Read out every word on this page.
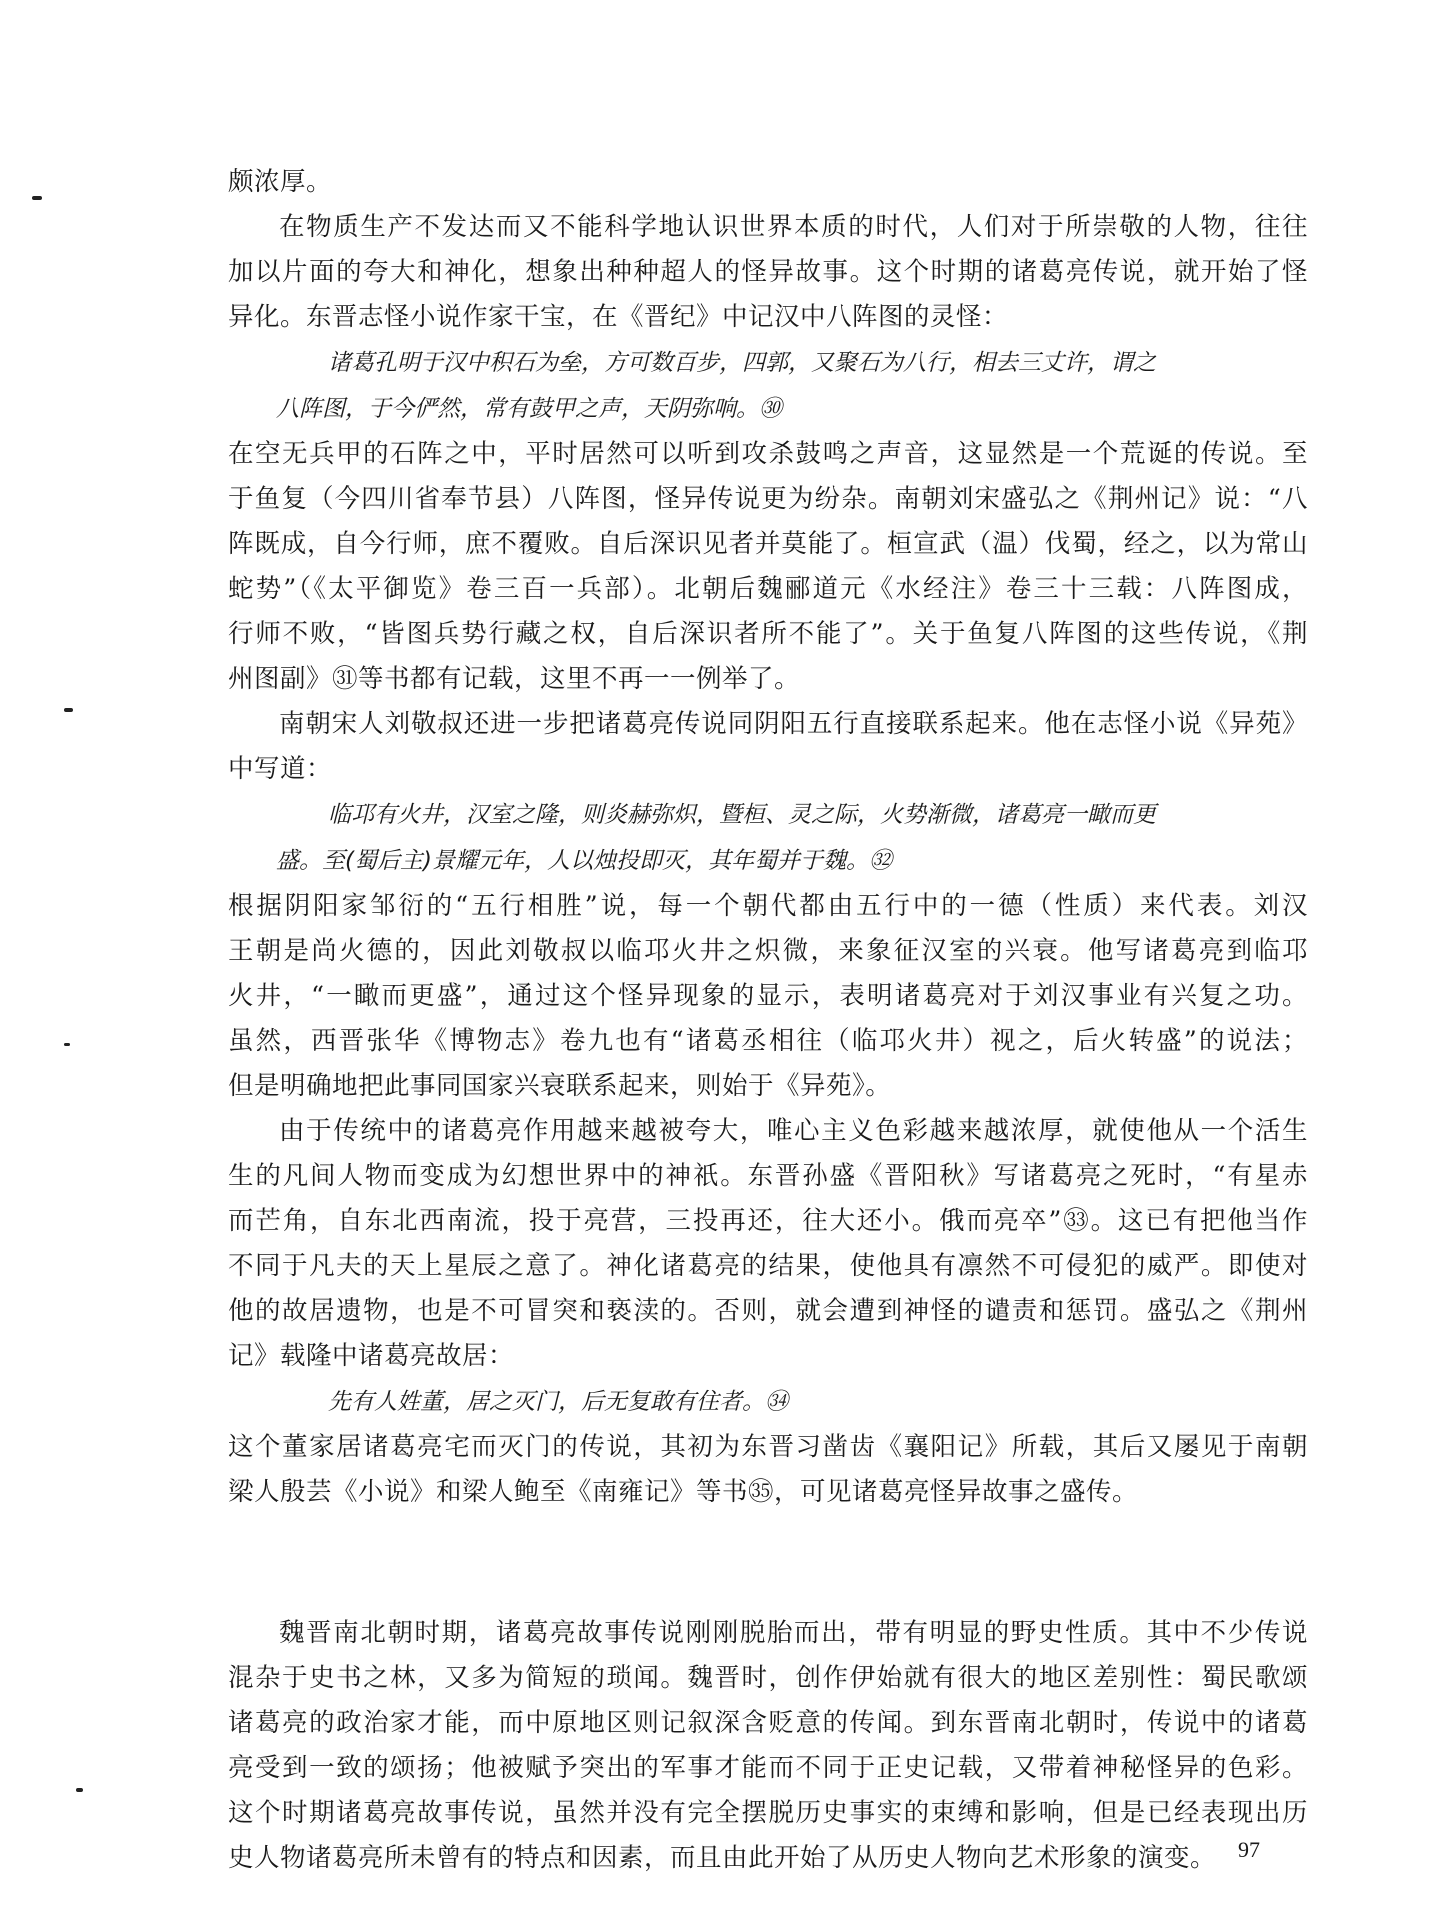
颇浓厚。
在物质生产不发达而又不能科学地认识世界本质的时代，人们对于所崇敬的人物，往往
加以片面的夸大和神化，想象出种种超人的怪异故事。这个时期的诸葛亮传说，就开始了怪
异化。东晋志怪小说作家干宝，在《晋纪》中记汉中八阵图的灵怪：
诸葛孔明于汉中积石为垒，方可数百步，四郭，又聚石为八行，相去三丈许，谓之
八阵图，于今俨然，常有鼓甲之声，天阴弥响。㉚
在空无兵甲的石阵之中，平时居然可以听到攻杀鼓鸣之声音，这显然是一个荒诞的传说。至
于鱼复（今四川省奉节县）八阵图，怪异传说更为纷杂。南朝刘宋盛弘之《荆州记》说：“八
阵既成，自今行师，庶不覆败。自后深识见者并莫能了。桓宣武（温）伐蜀，经之，以为常山
蛇势”（《太平御览》卷三百一兵部）。北朝后魏郦道元《水经注》卷三十三载：八阵图成，
行师不败，“皆图兵势行藏之权，自后深识者所不能了”。关于鱼复八阵图的这些传说，《荆
州图副》㉛等书都有记载，这里不再一一例举了。
南朝宋人刘敬叔还进一步把诸葛亮传说同阴阳五行直接联系起来。他在志怪小说《异苑》
中写道：
临邛有火井，汉室之隆，则炎赫弥炽，暨桓、灵之际，火势渐微，诸葛亮一瞰而更
盛。至(蜀后主)景耀元年，人以烛投即灭，其年蜀并于魏。㉜
根据阴阳家邹衍的“五行相胜”说，每一个朝代都由五行中的一德（性质）来代表。刘汉
王朝是尚火德的，因此刘敬叔以临邛火井之炽微，来象征汉室的兴衰。他写诸葛亮到临邛
火井，“一瞰而更盛”，通过这个怪异现象的显示，表明诸葛亮对于刘汉事业有兴复之功。
虽然，西晋张华《博物志》卷九也有“诸葛丞相往（临邛火井）视之，后火转盛”的说法；
但是明确地把此事同国家兴衰联系起来，则始于《异苑》。
由于传统中的诸葛亮作用越来越被夸大，唯心主义色彩越来越浓厚，就使他从一个活生
生的凡间人物而变成为幻想世界中的神祇。东晋孙盛《晋阳秋》写诸葛亮之死时，“有星赤
而芒角，自东北西南流，投于亮营，三投再还，往大还小。俄而亮卒”㉝。这已有把他当作
不同于凡夫的天上星辰之意了。神化诸葛亮的结果，使他具有凛然不可侵犯的威严。即使对
他的故居遗物，也是不可冒突和亵渎的。否则，就会遭到神怪的谴责和惩罚。盛弘之《荆州
记》载隆中诸葛亮故居：
先有人姓董，居之灭门，后无复敢有住者。㉞
这个董家居诸葛亮宅而灭门的传说，其初为东晋习凿齿《襄阳记》所载，其后又屡见于南朝
梁人殷芸《小说》和梁人鲍至《南雍记》等书㉟，可见诸葛亮怪异故事之盛传。
魏晋南北朝时期，诸葛亮故事传说刚刚脱胎而出，带有明显的野史性质。其中不少传说
混杂于史书之林，又多为简短的琐闻。魏晋时，创作伊始就有很大的地区差别性：蜀民歌颂
诸葛亮的政治家才能，而中原地区则记叙深含贬意的传闻。到东晋南北朝时，传说中的诸葛
亮受到一致的颂扬；他被赋予突出的军事才能而不同于正史记载，又带着神秘怪异的色彩。
这个时期诸葛亮故事传说，虽然并没有完全摆脱历史事实的束缚和影响，但是已经表现出历
史人物诸葛亮所未曾有的特点和因素，而且由此开始了从历史人物向艺术形象的演变。 97
